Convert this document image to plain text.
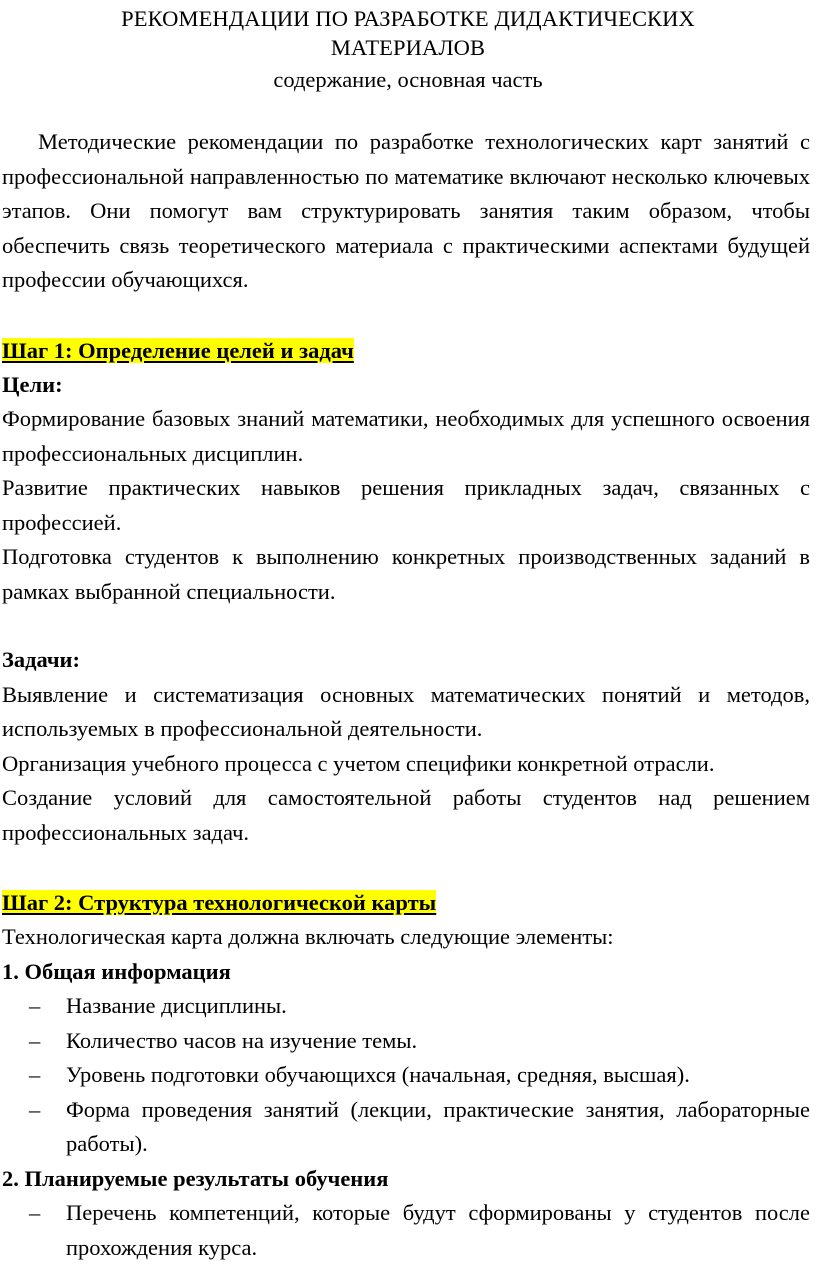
РЕКОМЕНДАЦИИ ПО РАЗРАБОТКЕ ДИДАКТИЧЕСКИХ МАТЕРИАЛОВ
содержание, основная часть
Методические рекомендации по разработке технологических карт занятий с профессиональной направленностью по математике включают несколько ключевых этапов. Они помогут вам структурировать занятия таким образом, чтобы обеспечить связь теоретического материала с практическими аспектами будущей профессии обучающихся.
Шаг 1: Определение целей и задач
Цели:
Формирование базовых знаний математики, необходимых для успешного освоения профессиональных дисциплин.
Развитие практических навыков решения прикладных задач, связанных с профессией.
Подготовка студентов к выполнению конкретных производственных заданий в рамках выбранной специальности.
Задачи:
Выявление и систематизация основных математических понятий и методов, используемых в профессиональной деятельности.
Организация учебного процесса с учетом специфики конкретной отрасли.
Создание условий для самостоятельной работы студентов над решением профессиональных задач.
Шаг 2: Структура технологической карты
Технологическая карта должна включать следующие элементы:
1. Общая информация
– Название дисциплины.
– Количество часов на изучение темы.
– Уровень подготовки обучающихся (начальная, средняя, высшая).
– Форма проведения занятий (лекции, практические занятия, лабораторные работы).
2. Планируемые результаты обучения
– Перечень компетенций, которые будут сформированы у студентов после прохождения курса.
